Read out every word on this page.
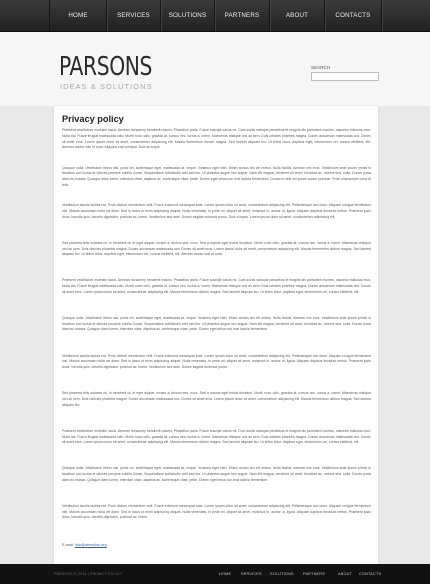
HOME	SERVICES	SOLUTIONS	PARTNERS	ABOUT	CONTACTS
PARSONS
IDEAS & SOLUTIONS
SEARCH
Privacy policy

Praesent vestibulum molestie lacus. Aenean nonummy hendrerit mauris. Phasellus porta. Fusce suscipit varius mi. Cum sociis natoque penatibus et magnis dis parturient montes, nascetur ridiculus mus. Nulla dui. Fusce feugiat malesuada odio. Morbi nunc odio, gravida at, cursus nec, luctus a, lorem. Maecenas tristique orci ac sem. Duis ultricies pharetra magna. Donec accumsan malesuada orci. Donec sit amet eros. Lorem ipsum dolor sit amet, consectetuer adipiscing elit. Mauris fermentum dictum magna. Sed laoreet aliquam leo. Ut tellus dolor, dapibus eget, elementum vel, cursus eleifend, elit. Aenean auctor wisi et urna. Aliquam erat volutpat. Duis ac turpis.

Quisque nulla. Vestibulum libero nisl, porta vel, scelerisque eget, malesuada at, neque. Vivamus eget nibh. Etiam cursus leo vel metus. Nulla facilisi. Aenean nec eros. Vestibulum ante ipsum primis in faucibus orci luctus et ultrices posuere cubilia Curae; Suspendisse sollicitudin velit sed leo. Ut pharetra augue nec augue. Nam elit magna, hendrerit sit amet, tincidunt ac, viverra sed, nulla. Donec porta diam eu massa. Quisque diam lorem, interdum vitae, dapibus ac, scelerisque vitae, pede. Donec eget tellus non erat lacinia fermentum. Donec in velit vel ipsum auctor pulvinar. Proin ullamcorper urna et felis.

Vestibulum iaculis lacinia est. Proin dictum elementum velit. Fusce euismod consequat ante. Lorem ipsum dolor sit amet, consectetuer adipiscing elit. Pellentesque sed dolor. Aliquam congue fermentum nisl. Mauris accumsan nulla vel diam. Sed in lacus ut enim adipiscing aliquet. Nulla venenatis. In pede mi, aliquet sit amet, euismod in, auctor ut, ligula. Aliquam dapibus tincidunt metus. Praesent justo dolor, lobortis quis, lobortis dignissim, pulvinar ac, lorem. Vestibulum sed ante. Donec sagittis euismod purus. Duis a turpis. Lorem ipsum dolor sit amet, consectetuer adipiscing elit.

Sed pharetra felis sodales mi, in hendrerit ut, et eget aliquet, ornare a, dictum sed, nunc. Sed a mauris eget lectus tincidunt. Morbi nunc odio, gravida at, cursus nec, luctus a, lorem. Maecenas tristique orci ac sem. Duis ultricies pharetra magna. Donec accumsan malesuada orci. Donec sit amet eros. Lorem ipsum dolor sit amet, consectetuer adipiscing elit. Mauris fermentum dictum magna. Sed laoreet aliquam leo. Ut tellus dolor, dapibus eget, elementum vel, cursus eleifend, elit. Aenean auctor wisi et urna.

Praesent vestibulum molestie lacus. Aenean nonummy hendrerit mauris. Phasellus porta. Fusce suscipit varius mi. Cum sociis natoque penatibus et magnis dis parturient montes, nascetur ridiculus mus. Nulla dui. Fusce feugiat malesuada odio. Morbi nunc odio, gravida at, cursus nec, luctus a, lorem. Maecenas tristique orci ac sem. Duis ultricies pharetra magna. Donec accumsan malesuada orci. Donec sit amet eros. Lorem ipsum dolor sit amet, consectetuer adipiscing elit. Mauris fermentum dictum magna. Sed laoreet aliquam leo. Ut tellus dolor, dapibus eget, elementum vel, cursus eleifend, elit.

Quisque nulla. Vestibulum libero nisl, porta vel, scelerisque eget, malesuada at, neque. Vivamus eget nibh. Etiam cursus leo vel metus. Nulla facilisi. Aenean nec eros. Vestibulum ante ipsum primis in faucibus orci luctus et ultrices posuere cubilia Curae; Suspendisse sollicitudin velit sed leo. Ut pharetra augue nec augue. Nam elit magna, hendrerit sit amet, tincidunt ac, viverra sed, nulla. Donec porta diam eu massa. Quisque diam lorem, interdum vitae, dapibus ac, scelerisque vitae, pede. Donec eget tellus non erat lacinia fermentum.

Vestibulum iaculis lacinia est. Proin dictum elementum velit. Fusce euismod consequat ante. Lorem ipsum dolor sit amet, consectetuer adipiscing elit. Pellentesque sed dolor. Aliquam congue fermentum nisl. Mauris accumsan nulla vel diam. Sed in lacus ut enim adipiscing aliquet. Nulla venenatis. In pede mi, aliquet sit amet, euismod in, auctor ut, ligula. Aliquam dapibus tincidunt metus. Praesent justo dolor, lobortis quis, lobortis dignissim, pulvinar ac, lorem. Vestibulum sed ante. Donec sagittis euismod purus.

Sed pharetra felis sodales mi, in hendrerit ut, et eget aliquet, ornare a, dictum sed, nunc. Sed a mauris eget lectus tincidunt. Morbi nunc odio, gravida at, cursus nec, luctus a, lorem. Maecenas tristique orci ac sem. Duis ultricies pharetra magna. Donec accumsan malesuada orci. Donec sit amet eros. Lorem ipsum dolor sit amet, consectetuer adipiscing elit. Mauris fermentum dictum magna. Sed laoreet aliquam leo.

Praesent vestibulum molestie lacus. Aenean nonummy hendrerit mauris. Phasellus porta. Fusce suscipit varius mi. Cum sociis natoque penatibus et magnis dis parturient montes, nascetur ridiculus mus. Nulla dui. Fusce feugiat malesuada odio. Morbi nunc odio, gravida at, cursus nec, luctus a, lorem. Maecenas tristique orci ac sem. Duis ultricies pharetra magna. Donec accumsan malesuada orci. Donec sit amet eros. Lorem ipsum dolor sit amet, consectetuer adipiscing elit. Mauris fermentum dictum magna. Sed laoreet aliquam leo. Ut tellus dolor, dapibus eget, elementum vel, cursus eleifend, elit.

Quisque nulla. Vestibulum libero nisl, porta vel, scelerisque eget, malesuada at, neque. Vivamus eget nibh. Etiam cursus leo vel metus. Nulla facilisi. Aenean nec eros. Vestibulum ante ipsum primis in faucibus orci luctus et ultrices posuere cubilia Curae; Suspendisse sollicitudin velit sed leo. Ut pharetra augue nec augue. Nam elit magna, hendrerit sit amet, tincidunt ac, viverra sed, nulla. Donec porta diam eu massa. Quisque diam lorem, interdum vitae, dapibus ac, scelerisque vitae, pede. Donec eget tellus non erat lacinia fermentum.

Vestibulum iaculis lacinia est. Proin dictum elementum velit. Fusce euismod consequat ante. Lorem ipsum dolor sit amet, consectetuer adipiscing elit. Pellentesque sed dolor. Aliquam congue fermentum nisl. Mauris accumsan nulla vel diam. Sed in lacus ut enim adipiscing aliquet. Nulla venenatis. In pede mi, aliquet sit amet, euismod in, auctor ut, ligula. Aliquam dapibus tincidunt metus. Praesent justo dolor, lobortis quis, lobortis dignissim, pulvinar ac, lorem.

E-mail: info@demolink.org
PARSONS © 2011 | PRIVACY POLICY	HOME	SERVICES SOLUTIONS PARTNERS	ABOUT CONTACTS
